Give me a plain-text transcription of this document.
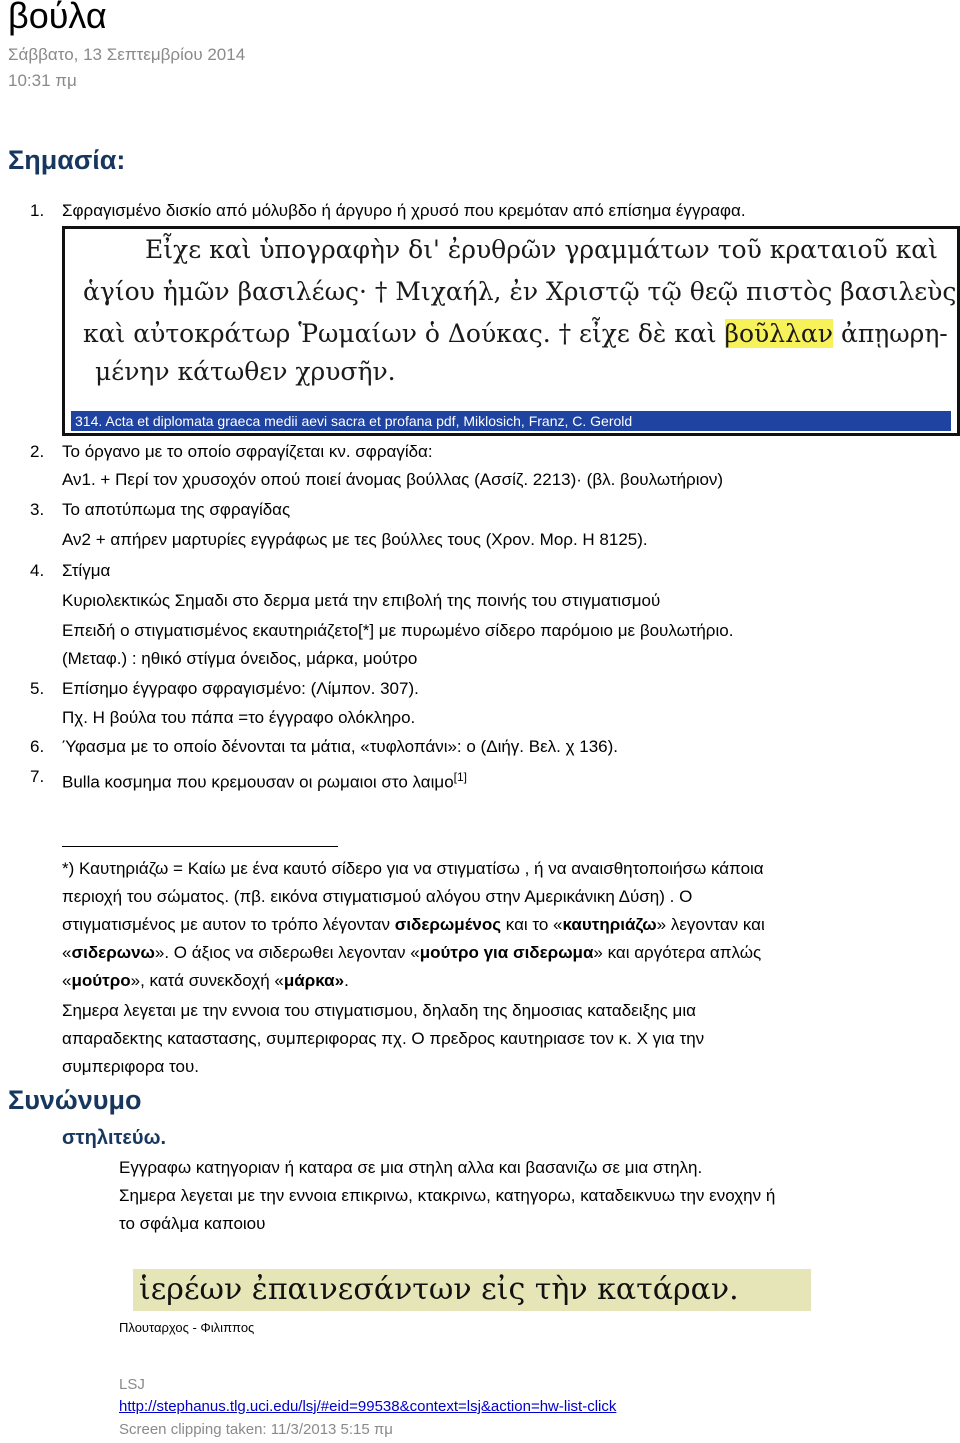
βούλα
Σάββατο, 13 Σεπτεμβρίου 2014
10:31 πμ
Σημασία:
1. Σφραγισμένο δισκίο από μόλυβδο ή άργυρο ή χρυσό που κρεμόταν από επίσημα έγγραφα.
Εἶχε καὶ ὑπογραφὴν δι' ἐρυθρῶν γραμμάτων τοῦ κραταιοῦ καὶ
ἁγίου ἡμῶν βασιλέως· † Μιχαήλ, ἐν Χριστῷ τῷ θεῷ πιστὸς βασιλεὺς
καὶ αὐτοκράτωρ Ῥωμαίων ὁ Δούκας. † εἶχε δὲ καὶ βοῦλλαν ἀπῃωρη-
μένην κάτωθεν χρυσῆν.
314. Acta et diplomata graeca medii aevi sacra et profana pdf, Miklosich, Franz, C. Gerold
2. Το όργανο με το οποίο σφραγίζεται κν. σφραγίδα:
Αν1. + Περί τον χρυσοχόν οπού ποιεί άνομας βούλλας (Ασσίζ. 2213)· (βλ. βουλωτήριον)
3. Το αποτύπωμα της σφραγίδας
Αν2 + απήρεν μαρτυρίες εγγράφως με τες βούλλες τους (Χρον. Μορ. Η 8125).
4. Στίγμα
Κυριολεκτικώς Σημαδι στο δερμα μετά την επιβολή της ποινής του στιγματισμού
Επειδή ο στιγματισμένος εκαυτηριάζετο[*] με πυρωμένο σίδερο παρόμοιο με βουλωτήριο.
(Μεταφ.) : ηθικό στίγμα όνειδος, μάρκα, μούτρο
5. Επίσημο έγγραφο σφραγισμένο: (Λίμπον. 307).
Πχ. Η βούλα του πάπα =το έγγραφο ολόκληρο.
6. Ύφασμα με το οποίο δένονται τα μάτια, «τυφλοπάνι»: ο (Διήγ. Βελ. χ 136).
7. Bulla κοσμημα που κρεμουσαν οι ρωμαιοι στο λαιμο[1]
*) Καυτηριάζω = Καίω με ένα καυτό σίδερο για να στιγματίσω , ή να αναισθητοποιήσω κάποια
περιοχή του σώματος. (πβ. εικόνα στιγματισμού αλόγου στην Αμερικάνικη Δύση) . Ο
στιγματισμένος με αυτον το τρόπο λέγονταν σιδερωμένος και το «καυτηριάζω» λεγονταν και
«σιδερωνω». Ο άξιος να σιδερωθει λεγονταν «μούτρο για σιδερωμα» και αργότερα απλώς
«μούτρο», κατά συνεκδοχή «μάρκα».
Σημερα λεγεται με την εννοια του στιγματισμου, δηλαδη της δημοσιας καταδειξης μια
απαραδεκτης καταστασης, συμπεριφορας πχ. Ο πρεδρος καυτηριασε τον κ. Χ για την
συμπεριφορα του.
Συνώνυμο
στηλιτεύω.
Εγγραφω κατηγοριαν ή καταρα σε μια στηλη αλλα και βασανιζω σε μια στηλη.
Σημερα λεγεται με την εννοια επικρινω, κτακρινω, κατηγορω, καταδεικνυω την ενοχην ή
το σφάλμα καποιου
ἱερέων ἐπαινεσάντων εἰς τὴν κατάραν.
Πλουταρχος - Φιλιππος
LSJ
http://stephanus.tlg.uci.edu/lsj/#eid=99538&context=lsj&action=hw-list-click
Screen clipping taken: 11/3/2013 5:15 πμ
